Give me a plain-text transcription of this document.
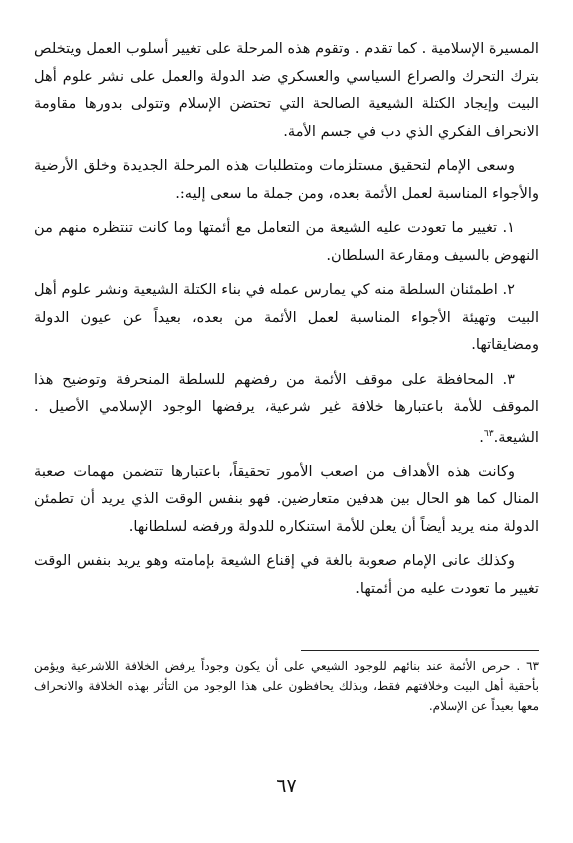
المسيرة الإسلامية . كما تقدم . وتقوم هذه المرحلة على تغيير أسلوب العمل ويتخلص بترك التحرك والصراع السياسي والعسكري ضد الدولة والعمل على نشر علوم أهل البيت وإيجاد الكتلة الشيعية الصالحة التي تحتضن الإسلام وتتولى بدورها مقاومة الانحراف الفكري الذي دب في جسم الأمة.

وسعى الإمام لتحقيق مستلزمات ومتطلبات هذه المرحلة الجديدة وخلق الأرضية والأجواء المناسبة لعمل الأئمة بعده، ومن جملة ما سعى إليه:.

١. تغيير ما تعودت عليه الشيعة من التعامل مع أئمتها وما كانت تنتظره منهم من النهوض بالسيف ومقارعة السلطان.

٢. اطمئنان السلطة منه كي يمارس عمله في بناء الكتلة الشيعية ونشر علوم أهل البيت وتهيئة الأجواء المناسبة لعمل الأئمة من بعده، بعيداً عن عيون الدولة ومضايقاتها.

٣. المحافظة على موقف الأئمة من رفضهم للسلطة المنحرفة وتوضيح هذا الموقف للأمة باعتبارها خلافة غير شرعية، يرفضها الوجود الإسلامي الأصيل . الشيعة.$^{٦٣}$.

وكانت هذه الأهداف من اصعب الأمور تحقيقاً، باعتبارها تتضمن مهمات صعبة المنال كما هو الحال بين هدفين متعارضين. فهو بنفس الوقت الذي يريد أن تطمئن الدولة منه يريد أيضاً أن يعلن للأمة استنكاره للدولة ورفضه لسلطانها.

وكذلك عانى الإمام صعوبة بالغة في إقناع الشيعة بإمامته وهو يريد بنفس الوقت تغيير ما تعودت عليه من أئمتها.

٦٣ . حرص الأئمة عند بنائهم للوجود الشيعي على أن يكون وجوداً يرفض الخلافة اللاشرعية ويؤمن بأحقية أهل البيت وخلافتهم فقط، وبذلك يحافظون على هذا الوجود من التأثر بهذه الخلافة والانحراف معها بعيداً عن الإسلام.

٦٧
